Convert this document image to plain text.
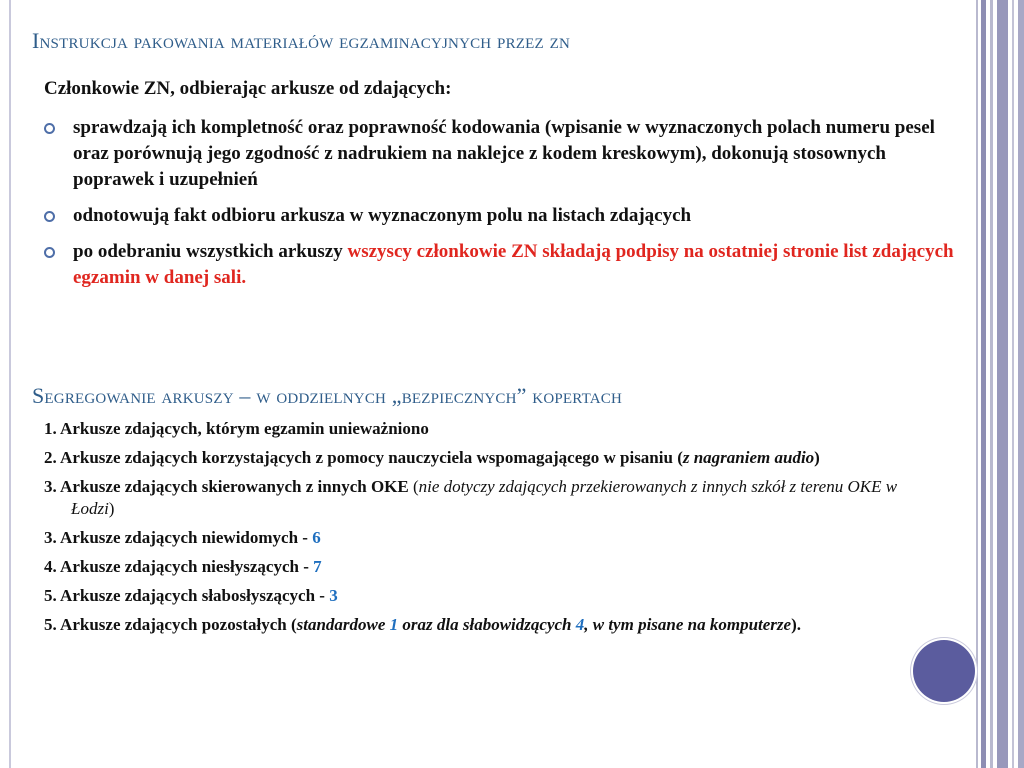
Instrukcja pakowania materiałów egzaminacyjnych przez zn

Członkowie ZN, odbierając arkusze od zdających:

sprawdzają ich kompletność oraz poprawność kodowania (wpisanie w wyznaczonych polach numeru pesel oraz porównują jego zgodność z nadrukiem na naklejce z kodem kreskowym), dokonują stosownych poprawek i uzupełnień
odnotowują fakt odbioru arkusza w wyznaczonym polu na listach zdających
po odebraniu wszystkich arkuszy wszyscy członkowie ZN składają podpisy na ostatniej stronie list zdających egzamin w danej sali.
Segregowanie arkuszy – w oddzielnych „bezpiecznych” kopertach
1. Arkusze zdających, którym egzamin unieważniono
2. Arkusze zdających korzystających z pomocy nauczyciela wspomagającego w pisaniu (z nagraniem audio)
3. Arkusze zdających skierowanych z innych OKE (nie dotyczy zdających przekierowanych z innych szkół z terenu OKE w Łodzi)
3. Arkusze zdających niewidomych - 6
4. Arkusze zdających niesłyszących - 7
5. Arkusze zdających słabosłyszących - 3
5. Arkusze zdających pozostałych (standardowe 1 oraz dla słabowidzących 4, w tym pisane na komputerze).
